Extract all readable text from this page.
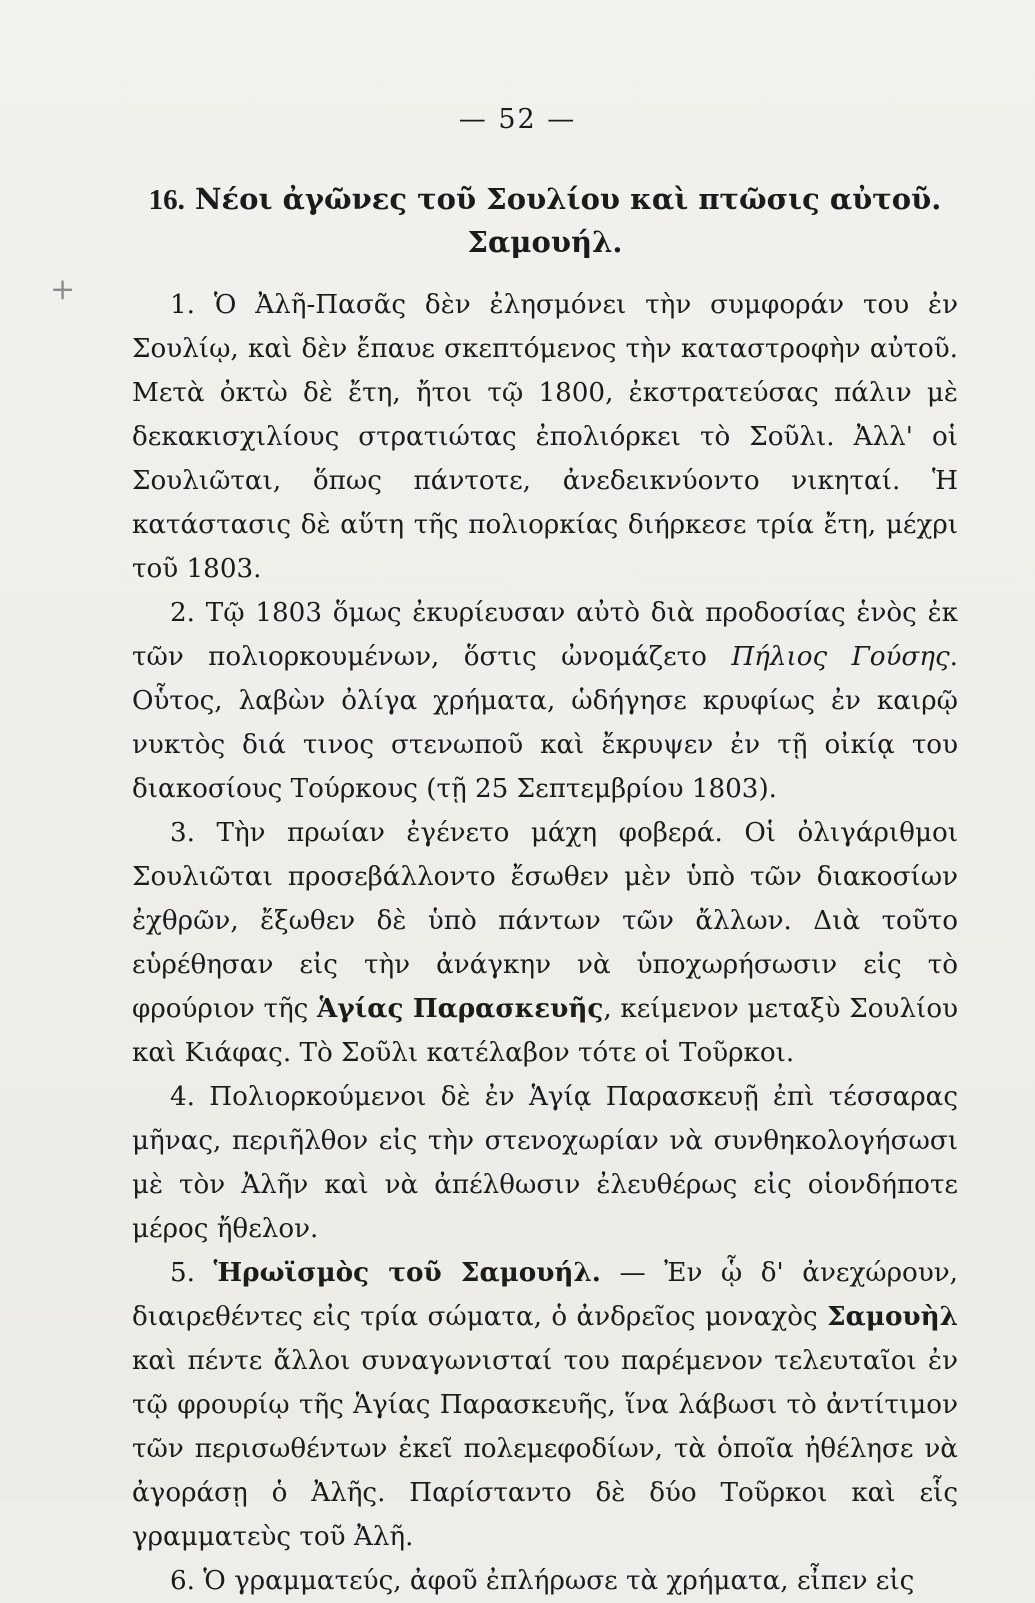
— 52 —
+
16. Νέοι ἀγῶνες τοῦ Σουλίου καὶ πτῶσις αὐτοῦ. Σαμουήλ.

1. Ὁ Ἀλῆ-Πασᾶς δὲν ἐλησμόνει τὴν συμφοράν του ἐν Σουλίῳ, καὶ δὲν ἔπαυε σκεπτόμενος τὴν καταστροφὴν αὐτοῦ. Μετὰ ὀκτὼ δὲ ἔτη, ἤτοι τῷ 1800, ἐκστρατεύσας πάλιν μὲ δεκακισχιλίους στρατιώτας ἐπολιόρκει τὸ Σοῦλι. Ἀλλ' οἱ Σουλιῶται, ὅπως πάντοτε, ἀνεδεικνύοντο νικηταί. Ἡ κατάστασις δὲ αὕτη τῆς πολιορκίας διήρκεσε τρία ἔτη, μέχρι τοῦ 1803.

2. Τῷ 1803 ὅμως ἐκυρίευσαν αὐτὸ διὰ προδοσίας ἑνὸς ἐκ τῶν πολιορκουμένων, ὅστις ὠνομάζετο Πήλιος Γούσης. Οὗτος, λαβὼν ὀλίγα χρήματα, ὡδήγησε κρυφίως ἐν καιρῷ νυκτὸς διά τινος στενωποῦ καὶ ἔκρυψεν ἐν τῇ οἰκίᾳ του διακοσίους Τούρκους (τῇ 25 Σεπτεμβρίου 1803).

3. Τὴν πρωίαν ἐγένετο μάχη φοβερά. Οἱ ὀλιγάριθμοι Σουλιῶται προσεβάλλοντο ἔσωθεν μὲν ὑπὸ τῶν διακοσίων ἐχθρῶν, ἔξωθεν δὲ ὑπὸ πάντων τῶν ἄλλων. Διὰ τοῦτο εὑρέθησαν εἰς τὴν ἀνάγκην νὰ ὑποχωρήσωσιν εἰς τὸ φρούριον τῆς Ἁγίας Παρασκευῆς, κείμενον μεταξὺ Σουλίου καὶ Κιάφας. Τὸ Σοῦλι κατέλαβον τότε οἱ Τοῦρκοι.

4. Πολιορκούμενοι δὲ ἐν Ἁγίᾳ Παρασκευῇ ἐπὶ τέσσαρας μῆνας, περιῆλθον εἰς τὴν στενοχωρίαν νὰ συνθηκολογήσωσι μὲ τὸν Ἀλῆν καὶ νὰ ἀπέλθωσιν ἐλευθέρως εἰς οἱονδήποτε μέρος ἤθελον.

5. Ἡρωϊσμὸς τοῦ Σαμουήλ. — Ἐν ᾧ δ' ἀνεχώρουν, διαιρεθέντες εἰς τρία σώματα, ὁ ἀνδρεῖος μοναχὸς Σαμουὴλ καὶ πέντε ἄλλοι συναγωνισταί του παρέμενον τελευταῖοι ἐν τῷ φρουρίῳ τῆς Ἁγίας Παρασκευῆς, ἵνα λάβωσι τὸ ἀντίτιμον τῶν περισωθέντων ἐκεῖ πολεμεφοδίων, τὰ ὁποῖα ἠθέλησε νὰ ἀγοράσῃ ὁ Ἀλῆς. Παρίσταντο δὲ δύο Τοῦρκοι καὶ εἷς γραμματεὺς τοῦ Ἀλῆ.

6. Ὁ γραμματεύς, ἀφοῦ ἐπλήρωσε τὰ χρήματα, εἶπεν εἰς
